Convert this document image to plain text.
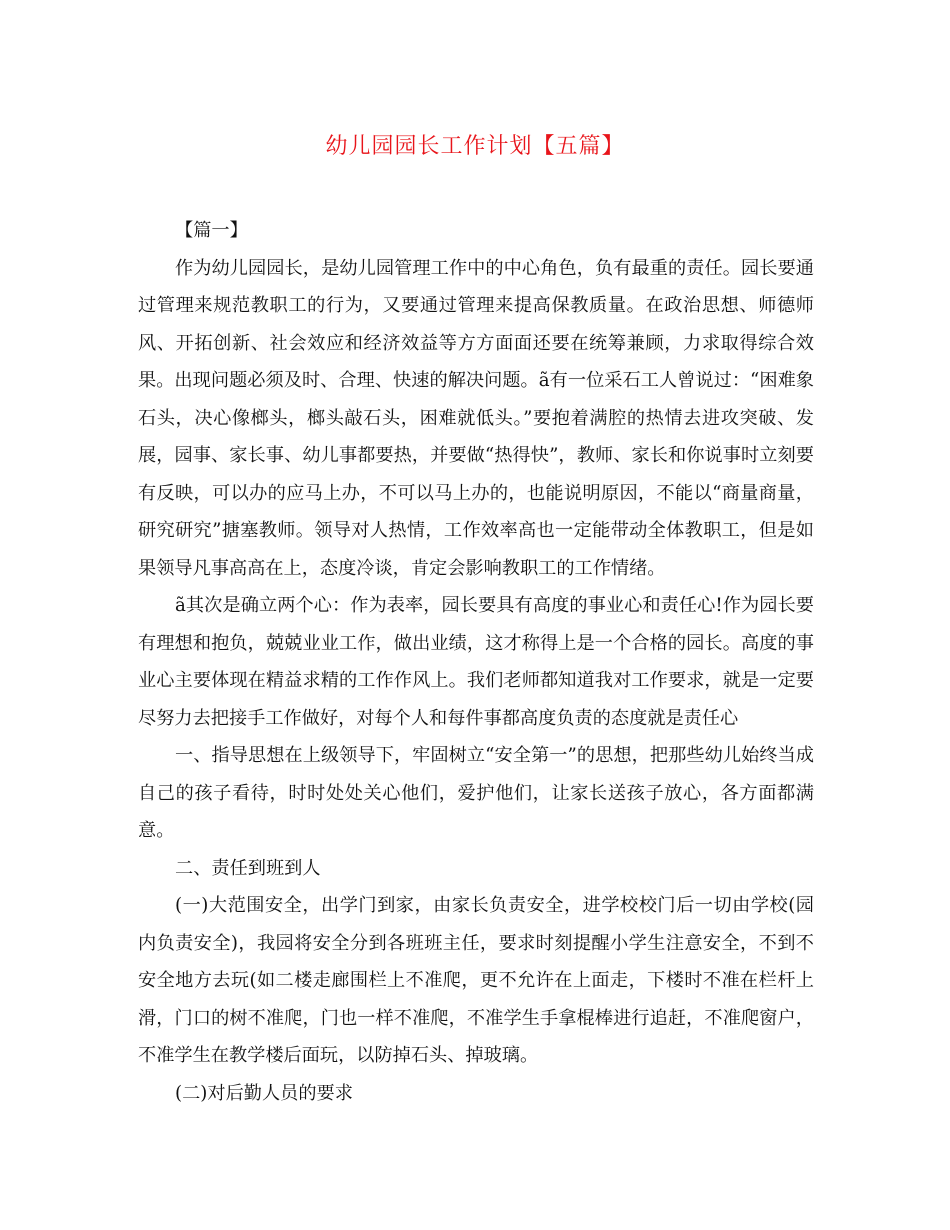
幼儿园园长工作计划【五篇】

【篇一】

作为幼儿园园长，是幼儿园管理工作中的中心角色，负有最重的责任。园长要通过管理来规范教职工的行为，又要通过管理来提高保教质量。在政治思想、师德师风、开拓创新、社会效应和经济效益等方方面面还要在统筹兼顾，力求取得综合效果。出现问题必须及时、合理、快速的解决问题。ã有一位采石工人曾说过：“困难象石头，决心像榔头，榔头敲石头，困难就低头。”要抱着满腔的热情去进攻突破、发展，园事、家长事、幼儿事都要热，并要做“热得快”，教师、家长和你说事时立刻要有反映，可以办的应马上办，不可以马上办的，也能说明原因，不能以“商量商量，研究研究”搪塞教师。领导对人热情，工作效率高也一定能带动全体教职工，但是如果领导凡事高高在上，态度冷谈，肯定会影响教职工的工作情绪。

ã其次是确立两个心：作为表率，园长要具有高度的事业心和责任心!作为园长要有理想和抱负，兢兢业业工作，做出业绩，这才称得上是一个合格的园长。高度的事业心主要体现在精益求精的工作作风上。我们老师都知道我对工作要求，就是一定要尽努力去把接手工作做好，对每个人和每件事都高度负责的态度就是责任心

一、指导思想在上级领导下，牢固树立“安全第一”的思想，把那些幼儿始终当成自己的孩子看待，时时处处关心他们，爱护他们，让家长送孩子放心，各方面都满意。

二、责任到班到人

(一)大范围安全，出学门到家，由家长负责安全，进学校校门后一切由学校(园内负责安全)，我园将安全分到各班班主任，要求时刻提醒小学生注意安全，不到不安全地方去玩(如二楼走廊围栏上不准爬，更不允许在上面走，下楼时不准在栏杆上滑，门口的树不准爬，门也一样不准爬，不准学生手拿棍棒进行追赶，不准爬窗户，不准学生在教学楼后面玩，以防掉石头、掉玻璃。

(二)对后勤人员的要求
